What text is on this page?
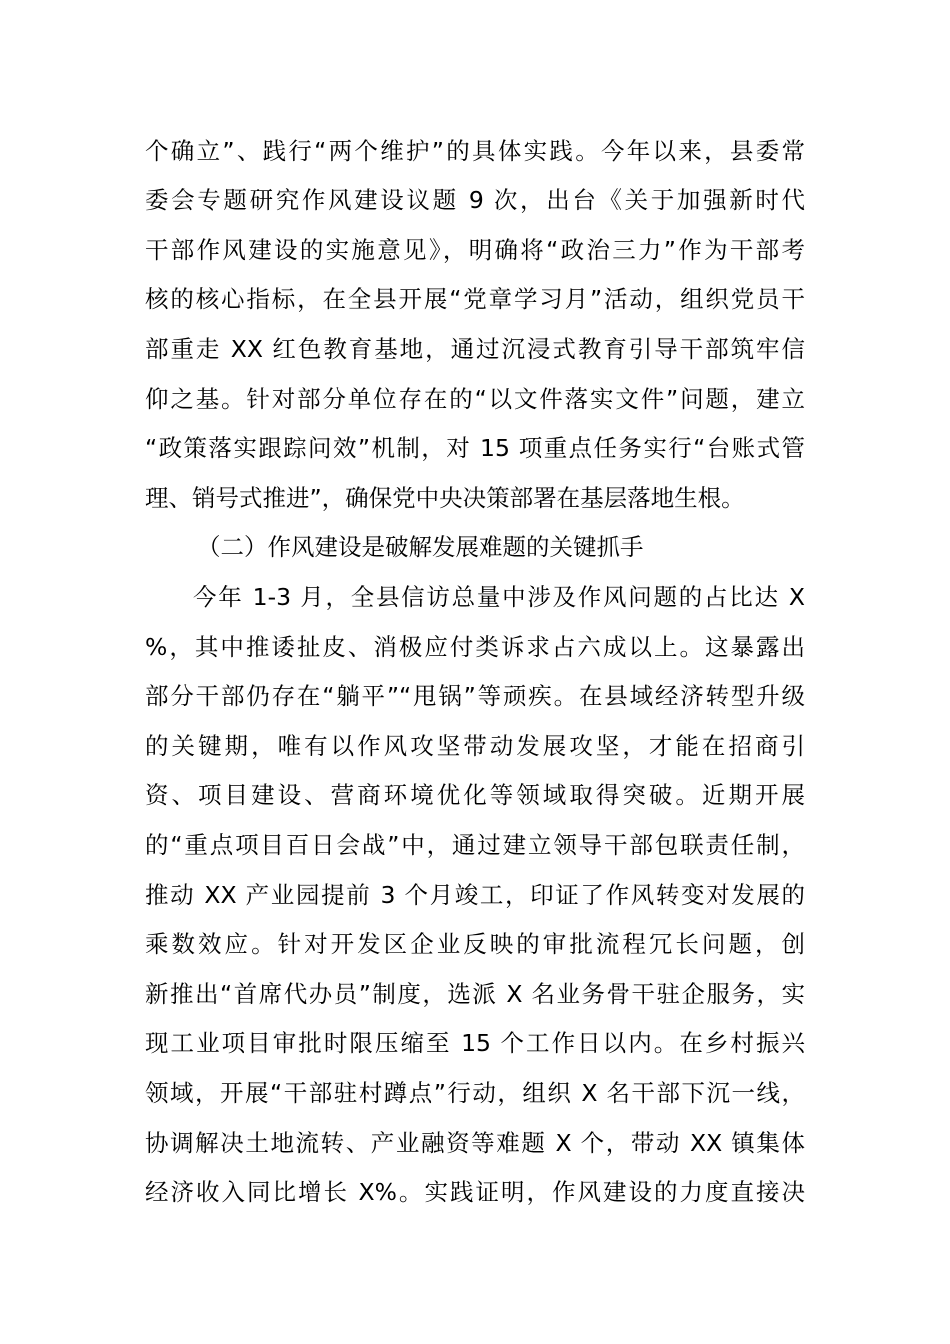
个确立”、践行“两个维护”的具体实践。今年以来，县委常
委会专题研究作风建设议题 9 次，出台《关于加强新时代
干部作风建设的实施意见》，明确将“政治三力”作为干部考
核的核心指标，在全县开展“党章学习月”活动，组织党员干
部重走 XX 红色教育基地，通过沉浸式教育引导干部筑牢信
仰之基。针对部分单位存在的“以文件落实文件”问题，建立
“政策落实跟踪问效”机制，对 15 项重点任务实行“台账式管
理、销号式推进”，确保党中央决策部署在基层落地生根。
（二）作风建设是破解发展难题的关键抓手
今年 1-3 月，全县信访总量中涉及作风问题的占比达 X
%，其中推诿扯皮、消极应付类诉求占六成以上。这暴露出
部分干部仍存在“躺平”“甩锅”等顽疾。在县域经济转型升级
的关键期，唯有以作风攻坚带动发展攻坚，才能在招商引
资、项目建设、营商环境优化等领域取得突破。近期开展
的“重点项目百日会战”中，通过建立领导干部包联责任制，
推动 XX 产业园提前 3 个月竣工，印证了作风转变对发展的
乘数效应。针对开发区企业反映的审批流程冗长问题，创
新推出“首席代办员”制度，选派 X 名业务骨干驻企服务，实
现工业项目审批时限压缩至 15 个工作日以内。在乡村振兴
领域，开展“干部驻村蹲点”行动，组织 X 名干部下沉一线，
协调解决土地流转、产业融资等难题 X 个，带动 XX 镇集体
经济收入同比增长 X%。实践证明，作风建设的力度直接决
